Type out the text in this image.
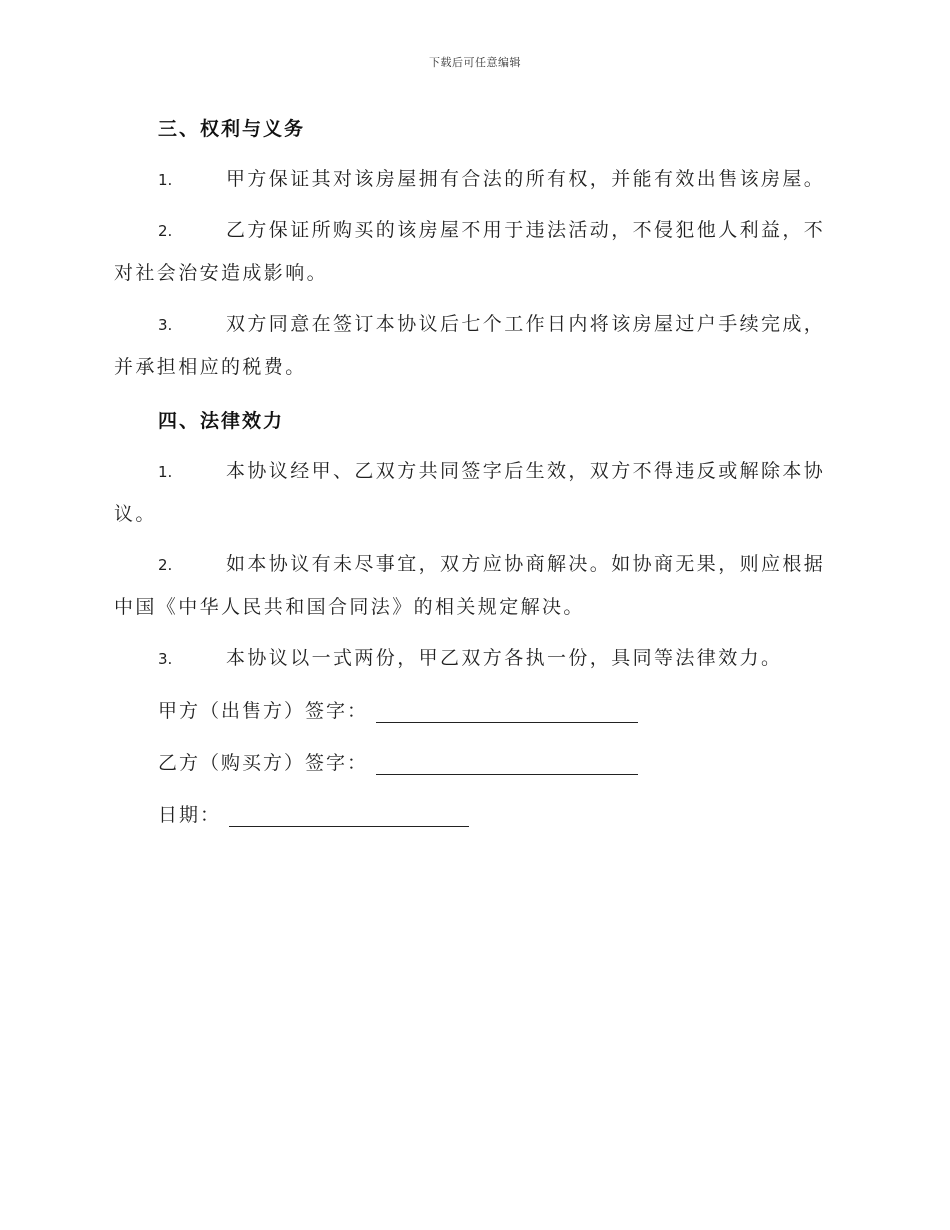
下载后可任意编辑
三、权利与义务
1.	甲方保证其对该房屋拥有合法的所有权，并能有效出售该房屋。
2.	乙方保证所购买的该房屋不用于违法活动，不侵犯他人利益，不对社会治安造成影响。
3.	双方同意在签订本协议后七个工作日内将该房屋过户手续完成，并承担相应的税费。
四、法律效力
1.	本协议经甲、乙双方共同签字后生效，双方不得违反或解除本协议。
2.	如本协议有未尽事宜，双方应协商解决。如协商无果，则应根据中国《中华人民共和国合同法》的相关规定解决。
3.	本协议以一式两份，甲乙双方各执一份，具同等法律效力。
甲方（出售方）签字：
乙方（购买方）签字：
日期：
